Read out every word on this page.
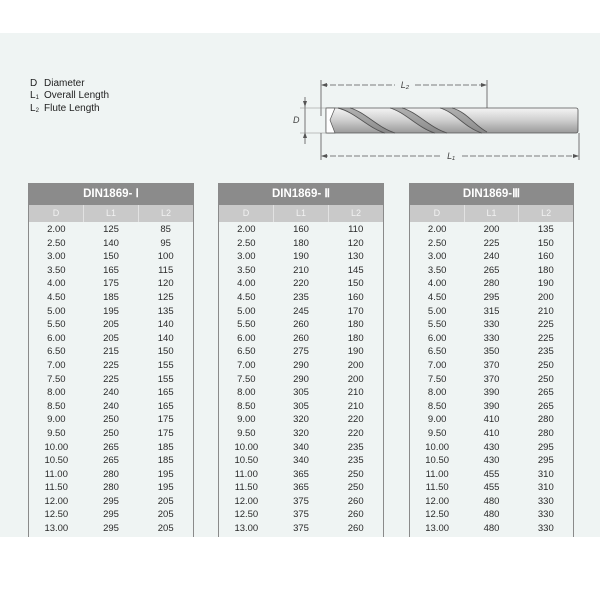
D Diameter
$L_1$ Overall Length
$L_2$ Flute Length
L₂
D
L₁
DIN1869- Ⅰ
D	L1	L2
2.00	125	85
2.50	140	95
3.00	150	100
3.50	165	115
4.00	175	120
4.50	185	125
5.00	195	135
5.50	205	140
6.00	205	140
6.50	215	150
7.00	225	155
7.50	225	155
8.00	240	165
8.50	240	165
9.00	250	175
9.50	250	175
10.00	265	185
10.50	265	185
11.00	280	195
11.50	280	195
12.00	295	205
12.50	295	205
13.00	295	205
DIN1869- Ⅱ
D	L1	L2
2.00	160	110
2.50	180	120
3.00	190	130
3.50	210	145
4.00	220	150
4.50	235	160
5.00	245	170
5.50	260	180
6.00	260	180
6.50	275	190
7.00	290	200
7.50	290	200
8.00	305	210
8.50	305	210
9.00	320	220
9.50	320	220
10.00	340	235
10.50	340	235
11.00	365	250
11.50	365	250
12.00	375	260
12.50	375	260
13.00	375	260
DIN1869-Ⅲ
D	L1	L2
2.00	200	135
2.50	225	150
3.00	240	160
3.50	265	180
4.00	280	190
4.50	295	200
5.00	315	210
5.50	330	225
6.00	330	225
6.50	350	235
7.00	370	250
7.50	370	250
8.00	390	265
8.50	390	265
9.00	410	280
9.50	410	280
10.00	430	295
10.50	430	295
11.00	455	310
11.50	455	310
12.00	480	330
12.50	480	330
13.00	480	330
